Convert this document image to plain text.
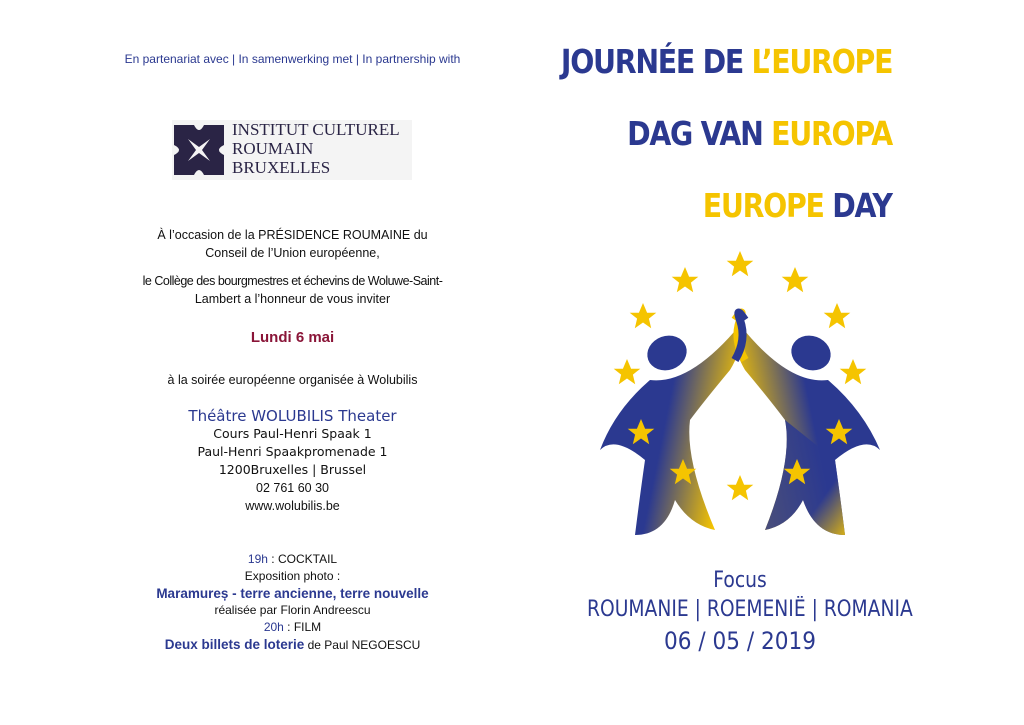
En partenariat avec | In samenwerking met | In partnership with
INSTITUT CULTUREL
ROUMAIN
BRUXELLES
À l’occasion de la PRÉSIDENCE ROUMAINE du
Conseil de l’Union européenne,
le Collège des bourgmestres et échevins de Woluwe-Saint-
Lambert a l’honneur de vous inviter
Lundi 6 mai
à la soirée européenne organisée à Wolubilis
Théâtre WOLUBILIS Theater
Cours Paul-Henri Spaak 1
Paul-Henri Spaakpromenade 1
1200Bruxelles | Brussel
02 761 60 30
www.wolubilis.be
19h : COCKTAIL
Exposition photo :
Maramureș - terre ancienne, terre nouvelle
réalisée par Florin Andreescu
20h : FILM
Deux billets de loterie de Paul NEGOESCU
JOURNÉE DE L’EUROPE
DAG VAN EUROPA
EUROPE DAY
Focus
ROUMANIE | ROEMENIË | ROMANIA
06 / 05 / 2019
